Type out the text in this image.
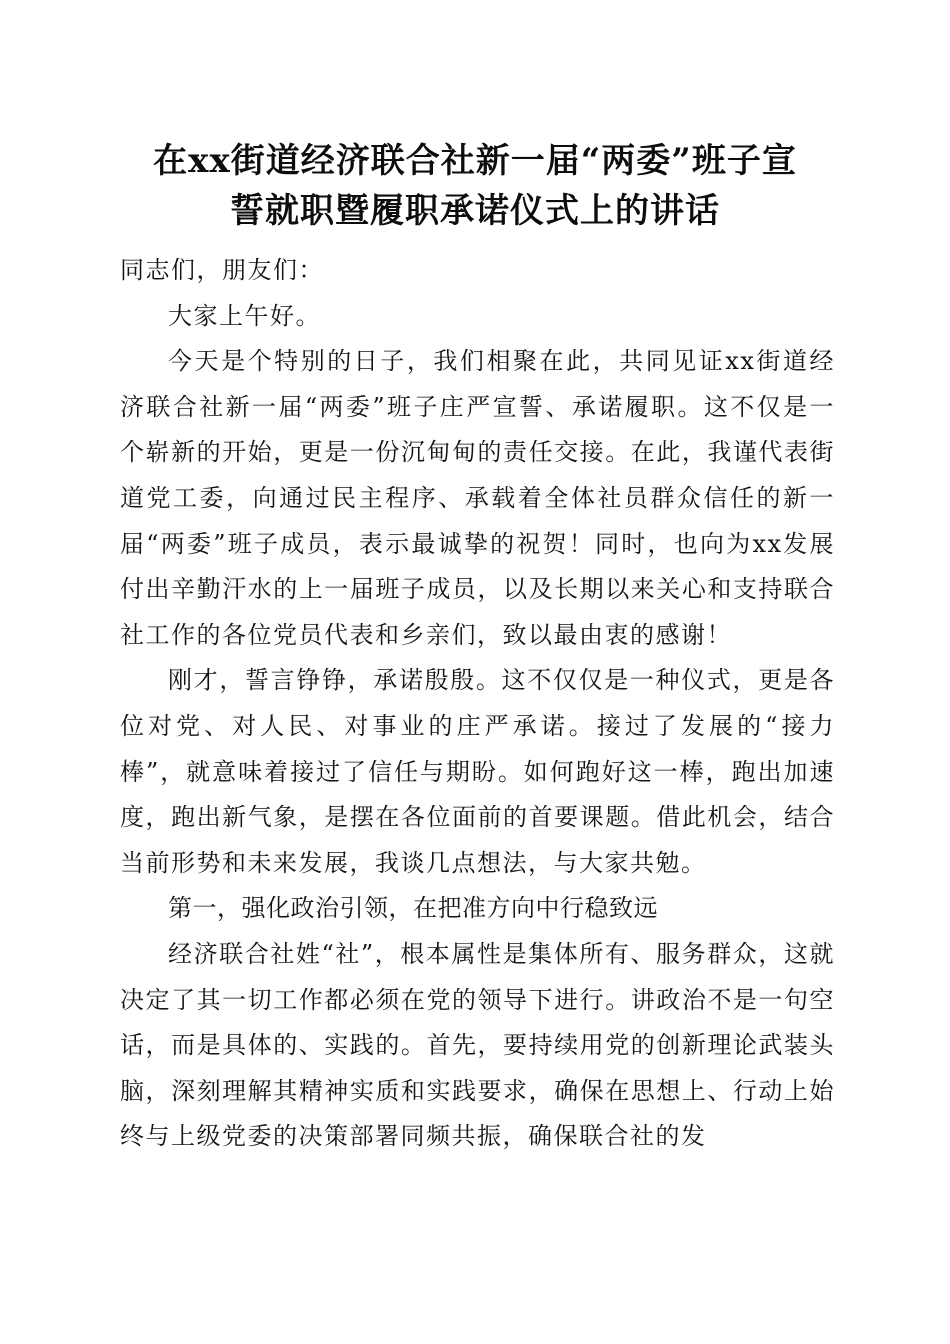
在xx街道经济联合社新一届“两委”班子宣
誓就职暨履职承诺仪式上的讲话

同志们，朋友们：

大家上午好。

今天是个特别的日子，我们相聚在此，共同见证xx街道经济联合社新一届“两委”班子庄严宣誓、承诺履职。这不仅是一个崭新的开始，更是一份沉甸甸的责任交接。在此，我谨代表街道党工委，向通过民主程序、承载着全体社员群众信任的新一届“两委”班子成员，表示最诚挚的祝贺！同时，也向为xx发展付出辛勤汗水的上一届班子成员，以及长期以来关心和支持联合社工作的各位党员代表和乡亲们，致以最由衷的感谢！

刚才，誓言铮铮，承诺殷殷。这不仅仅是一种仪式，更是各位对党、对人民、对事业的庄严承诺。接过了发展的“接力棒”，就意味着接过了信任与期盼。如何跑好这一棒，跑出加速度，跑出新气象，是摆在各位面前的首要课题。借此机会，结合当前形势和未来发展，我谈几点想法，与大家共勉。

第一，强化政治引领，在把准方向中行稳致远

经济联合社姓“社”，根本属性是集体所有、服务群众，这就决定了其一切工作都必须在党的领导下进行。讲政治不是一句空话，而是具体的、实践的。首先，要持续用党的创新理论武装头脑，深刻理解其精神实质和实践要求，确保在思想上、行动上始终与上级党委的决策部署同频共振，确保联合社的发
